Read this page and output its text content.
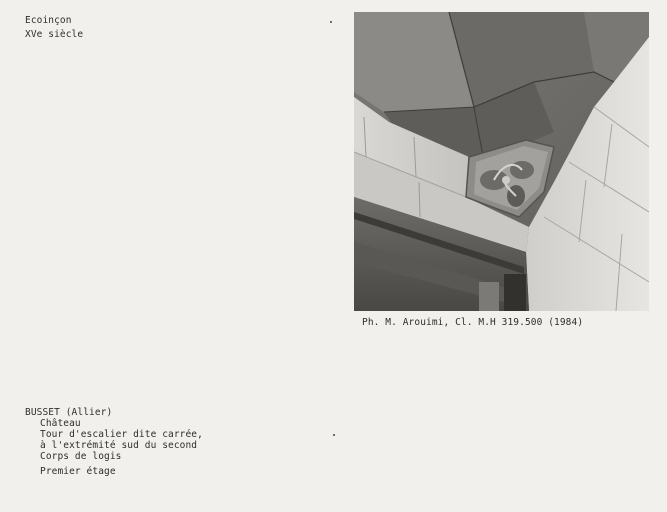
Ecoinçon
XVe siècle
Ph. M. Arouimi, Cl. M.H 319.500 (1984)
BUSSET (Allier)
Château
Tour d'escalier dite carrée,
à l'extrémité sud du second
Corps de logis
Premier étage
